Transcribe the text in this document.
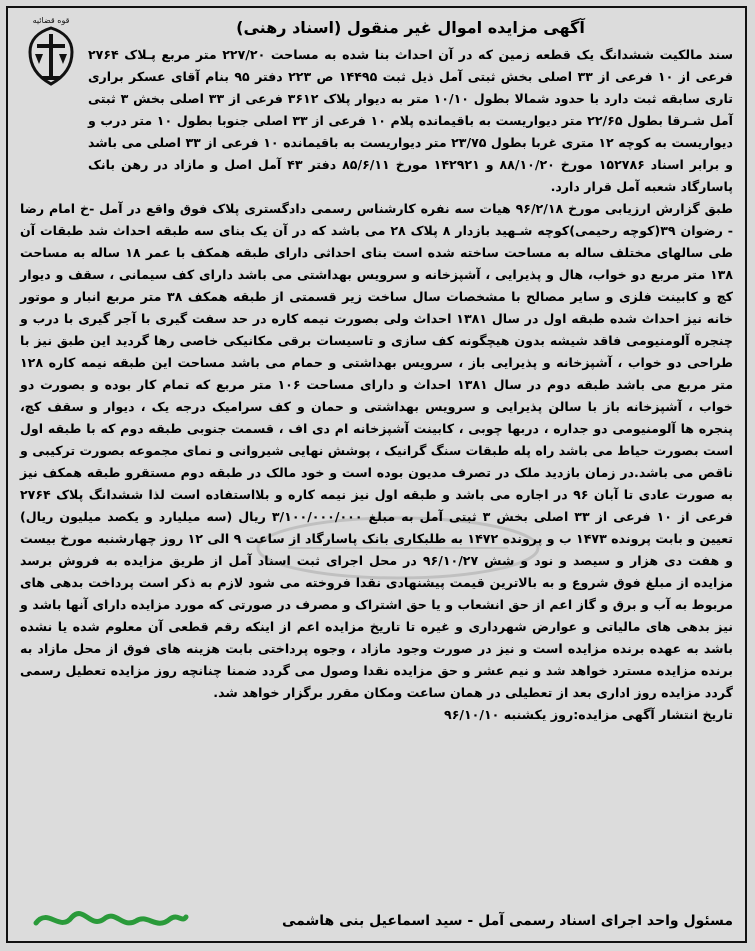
قوه قضائیه	آگهی مزایده اموال غیر منقول (اسناد رهنی)

سند مالکیت ششدانگ یک قطعه زمین که در آن احداث بنا شده به مساحت ۲۲۷/۲۰ متر مربع پـلاک ۲۷۶۴ فرعی از ۱۰ فرعی از ۳۳ اصلی بخش ثبتی آمل ذیل ثبت ۱۴۴۹۵ ص ۲۲۳ دفتر ۹۵ بنام آقای عسکر براری تاری سابقه ثبت دارد با حدود شمالا بطول ۱۰/۱۰ متر به دیوار پلاک ۳۶۱۲ فرعی از ۳۳ اصلی بخش ۳ ثبتی آمل شـرقا بطول ۲۲/۶۵ متر دیواریست به باقیمانده پلام ۱۰ فرعی از ۳۳ اصلی جنوبا بطول ۱۰ متر درب و دیواریست به کوچه ۱۲ متری غربا بطول ۲۳/۷۵ متر دیواریست به باقیمانده ۱۰ فرعی از ۳۳ اصلی می باشد و برابر اسناد ۱۵۲۷۸۶ مورخ ۸۸/۱۰/۲۰ و ۱۴۲۹۲۱ مورخ ۸۵/۶/۱۱ دفتر ۴۳ آمل اصل و مازاد در رهن بانک پاسارگاد شعبه آمل قرار دارد.

طبق گزارش ارزیابی مورخ ۹۶/۲/۱۸ هیات سه نفره کارشناس رسمی دادگستری پلاک فوق واقع در آمل -خ امام رضا - رضوان ۳۹(کوچه رحیمی)کوچه شـهید بازدار ۸ پلاک ۲۸ می باشد که در آن یک بنای سه طبقه احداث شد طبقات آن طی سالهای مختلف ساله به مساحت ساخته شده است بنای احداثی دارای طبقه همکف با عمر ۱۸ ساله به مساحت ۱۳۸ متر مربع دو خواب، هال و پذیرایی ، آشپزخانه و سرویس بهداشتی می باشد دارای کف سیمانی ، سقف و دیوار کچ و کابینت فلزی و سایر مصالح با مشخصات سال ساخت زیر قسمتی از طبقه همکف ۳۸ متر مربع انبار و موتور خانه نیز احداث شده طبقه اول در سال ۱۳۸۱ احداث ولی بصورت نیمه کاره در حد سفت گیری با آجر گیری با درب و چنجره آلومنیومی فاقد شیشه بدون هیچگونه کف سازی و تاسیسات برقی مکانیکی خاصی رها گردید این طبق نیز با طراحی دو خواب ، آشپزخانه و پذیرایی باز ، سرویس بهداشتی و حمام می باشد مساحت این طبقه نیمه کاره ۱۲۸ متر مربع می باشد طبقه دوم در سال ۱۳۸۱ احداث و دارای مساحت ۱۰۶ متر مربع که تمام کار بوده و بصورت دو خواب ، آشپزخانه باز با سالن پذیرایی و سرویس بهداشتی و حمان و کف سرامیک درجه یک ، دیوار و سقف کچ، پنجره ها آلومنیومی دو جداره ، دربها چوبی ، کابینت آشپزخانه ام دی اف ، قسمت جنوبی طبقه دوم که با طبقه اول است بصورت حیاط می باشد راه پله طبقات سنگ گرانیک ، پوشش نهایی شیروانی و نمای مجموعه بصورت ترکیبی و ناقص می باشد.در زمان بازدید ملک در تصرف مدیون بوده است و خود مالک در طبقه دوم مستقرو طبقه همکف نیز به صورت عادی تا آبان ۹۶ در اجاره می باشد و طبقه اول نیز نیمه کاره و بلااستفاده است لذا ششدانگ پلاک ۲۷۶۴ فرعی از ۱۰ فرعی از ۳۳ اصلی بخش ۳ ثبتی آمل به مبلغ ۳/۱۰۰/۰۰۰/۰۰۰ ریال (سه میلیارد و یکصد میلیون ریال) تعیین و بابت پرونده ۱۴۷۳ ب و پرونده ۱۴۷۲ به طلبکاری بانک پاسارگاد از ساعت ۹ الی ۱۲ روز چهارشنبه مورخ بیست و هفت دی هزار و سیصد و نود و شش ۹۶/۱۰/۲۷ در محل اجرای ثبت اسناد آمل از طریق مزایده به فروش برسد مزایده از مبلغ فوق شروع و به بالاترین قیمت پیشنهادی نقدا فروخته می شود لازم به ذکر است پرداخت بدهی های مربوط به آب و برق و گاز اعم از حق انشعاب و یا حق اشتراک و مصرف در صورتی که مورد مزایده دارای آنها باشد و نیز بدهی های مالیاتی و عوارض شهرداری و غیره تا تاریخ مزایده اعم از اینکه رقم قطعی آن معلوم شده یا نشده باشد به عهده برنده مزایده است و نیز در صورت وجود مازاد ، وجوه پرداختی بابت هزینه های فوق از محل مازاد به برنده مزایده مسترد خواهد شد و نیم عشر و حق مزایده نقدا وصول می گردد ضمنا چنانچه روز مزایده تعطیل رسمی گردد مزایده روز اداری بعد از تعطیلی در همان ساعت ومکان مقرر برگزار خواهد شد.

تاریخ انتشار آگهی مزایده:روز یکشنبه ۹۶/۱۰/۱۰

مسئول واحد اجرای اسناد رسمی آمل - سید اسماعیل بنی هاشمی
